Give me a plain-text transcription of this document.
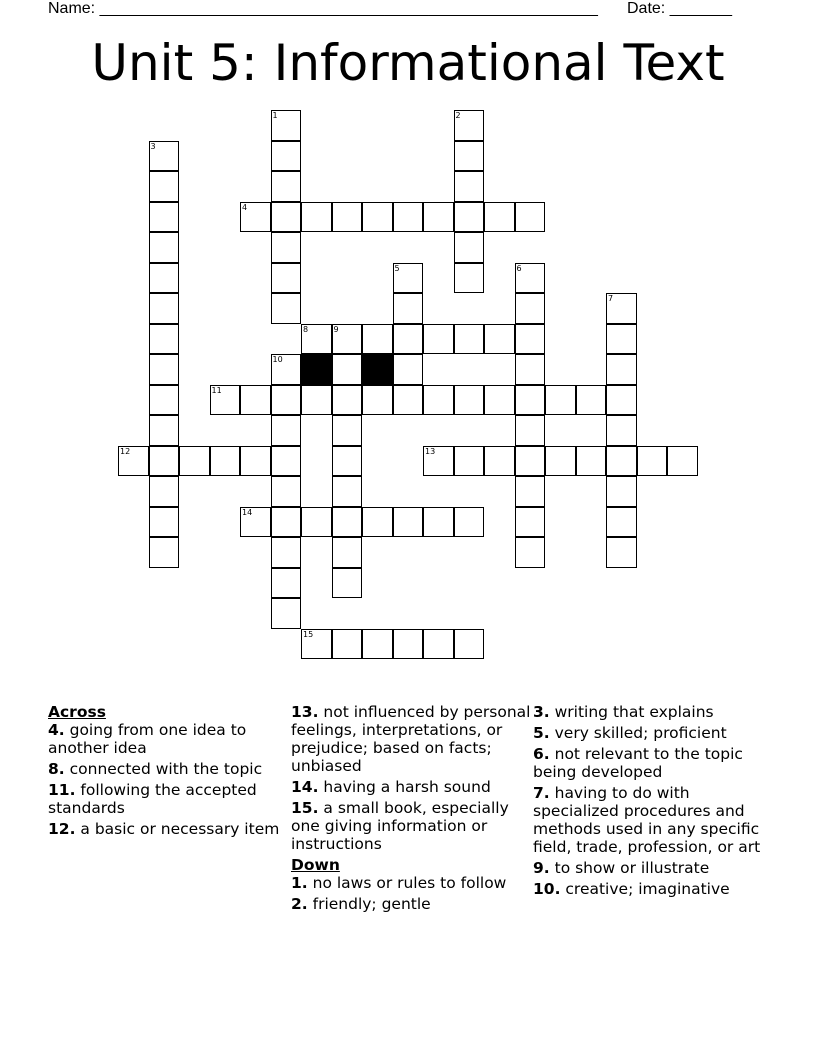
Name: ________________________________________________________ Date: _______
Unit 5: Informational Text
1	2
3
4
5	6
7
8	9
10
11
12	13
14
15
Across
4. going from one idea to another idea
8. connected with the topic
11. following the accepted standards
12. a basic or necessary item
13. not influenced by personal feelings, interpretations, or prejudice; based on facts; unbiased
14. having a harsh sound
15. a small book, especially one giving information or instructions
Down
1. no laws or rules to follow
2. friendly; gentle
3. writing that explains
5. very skilled; proficient
6. not relevant to the topic being developed
7. having to do with specialized procedures and methods used in any specific field, trade, profession, or art
9. to show or illustrate
10. creative; imaginative
